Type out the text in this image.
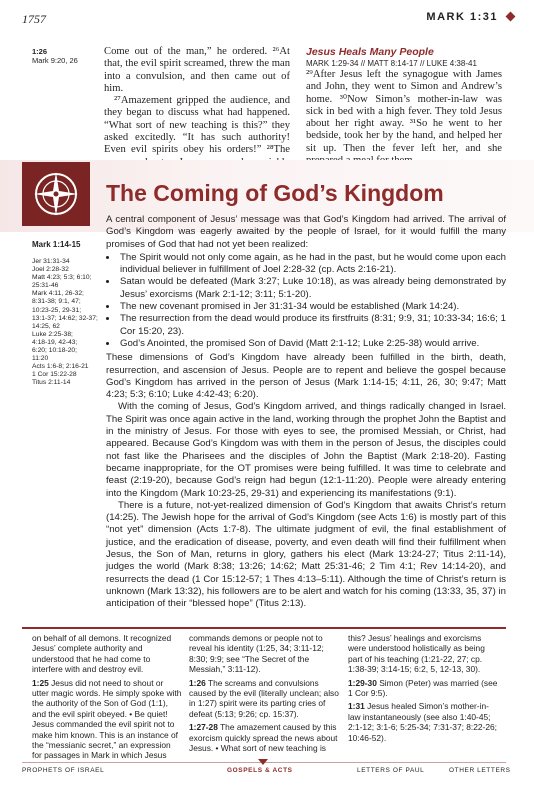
1757	MARK 1:31
1:26
Mark 9:20, 26

Come out of the man,” he ordered. ²⁶At that, the evil spirit screamed, threw the man into a convulsion, and then came out of him.

²⁷Amazement gripped the audience, and they began to discuss what had happened. “What sort of new teaching is this?” they asked excitedly. “It has such authority! Even evil spirits obey his orders!” ²⁸The

Jesus Heals Many People
MARK 1:29-34 // MATT 8:14-17 // LUKE 4:38-41

²⁹After Jesus left the synagogue with James and John, they went to Simon and Andrew’s home. ³⁰Now Simon’s mother-in-law was sick in bed with a high fever. They told Jesus about her right away. ³¹So he went to her bedside, took her by the hand, and helped her sit up. Then the fever left her, and she

The Coming of God’s Kingdom
Mark 1:14-15
Jer 31:31-34
Joel 2:28-32
Matt 4:23; 5:3; 6:10;
25:31-46
Mark 4:11, 26-32;
8:31-38; 9:1, 47;
10:23-25, 29-31;
13:1-37; 14:62; 32-37;
14:25, 62
Luke 2:25-38;
4:18-19, 42-43;
6:20; 10:18-20;
11:20
Acts 1:6-8; 2:16-21
1 Cor 15:22-28
Titus 2:11-14

A central component of Jesus’ message was that God’s Kingdom had arrived. The arrival of God’s Kingdom was eagerly awaited by the people of Israel, for it would fulfill the many promises of God that had not yet been realized:

• The Spirit would not only come again, as he had in the past, but he would come upon each individual believer in fulfillment of Joel 2:28-32 (cp. Acts 2:16-21).
• Satan would be defeated (Mark 3:27; Luke 10:18), as was already being demonstrated by Jesus’ exorcisms (Mark 2:1-12; 3:11; 5:1-20).
• The new covenant promised in Jer 31:31-34 would be established (Mark 14:24).
• The resurrection from the dead would produce its firstfruits (8:31; 9:9, 31; 10:33-34; 16:6; 1 Cor 15:20, 23).
• God’s Anointed, the promised Son of David (Matt 2:1-12; Luke 2:25-38) would arrive.

These dimensions of God’s Kingdom have already been fulfilled in the birth, death, resurrection, and ascension of Jesus. People are to repent and believe the gospel because God’s Kingdom has arrived in the person of Jesus (Mark 1:14-15; 4:11, 26, 30; 9:47; Matt 4:23; 5:3; 6:10; Luke 4:42-43; 6:20).

With the coming of Jesus, God’s Kingdom arrived, and things radically changed in Israel. The Spirit was once again active in the land, working through the prophet John the Baptist and in the ministry of Jesus. For those with eyes to see, the promised Messiah, or Christ, had appeared. Because God’s Kingdom was with them in the person of Jesus, the disciples could not fast like the Pharisees and the disciples of John the Baptist (Mark 2:18-20). Fasting became inappropriate, for the OT promises were being fulfilled. It was time to celebrate and feast (2:19-20), because God’s reign had begun (12:1-11:20). People were already entering into the Kingdom (Mark 10:23-25, 29-31) and experiencing its manifestations (9:1).

There is a future, not-yet-realized dimension of God’s Kingdom that awaits Christ’s return (14:25). The Jewish hope for the arrival of God’s Kingdom (see Acts 1:6) is mostly part of this “not yet” dimension (Acts 1:7-8). The ultimate judgment of evil, the final establishment of justice, and the eradication of disease, poverty, and even death will find their fulfillment when Jesus, the Son of Man, returns in glory, gathers his elect (Mark 13:24-27; Titus 2:11-14), judges the world (Mark 8:38; 13:26; 14:62; Matt 25:31-46; 2 Tim 4:1; Rev 14:14-20), and resurrects the dead (1 Cor 15:12-57; 1 Thes 4:13–5:11). Although the time of Christ’s return is unknown (Mark 13:32), his followers are to be alert and watch for his coming (13:33, 35, 37) in anticipation of their “blessed hope” (Titus 2:13).

on behalf of all demons. It recognized Jesus’ complete authority and understood that he had come to interfere with and destroy evil.

1:25 Jesus did not need to shout or utter magic words. He simply spoke with the authority of the Son of God (1:1), and the evil spirit obeyed. • Be quiet! Jesus commanded the evil spirit not to make him known. This is an instance of the “messianic secret,” an expression for passages in Mark in which Jesus

commands demons or people not to reveal his identity (1:25, 34; 3:11-12; 8:30; 9:9; see “The Secret of the Messiah,” 3:11-12).

1:26 The screams and convulsions caused by the evil (literally unclean; also in 1:27) spirit were its parting cries of defeat (5:13; 9:26; cp. 15:37).

1:27-28 The amazement caused by this exorcism quickly spread the news about Jesus. • What sort of new teaching is

this? Jesus’ healings and exorcisms were understood holistically as being part of his teaching (1:21-22, 27; cp. 1:38-39; 3:14-15; 6:2, 5, 12-13, 30).

1:29-30 Simon (Peter) was married (see 1 Cor 9:5).

1:31 Jesus healed Simon’s mother-in-law instantaneously (see also 1:40-45; 2:1-12; 3:1-6; 5:25-34; 7:31-37; 8:22-26; 10:46-52).

PROPHETS OF ISRAEL	GOSPELS & ACTS	LETTERS OF PAUL	OTHER LETTERS
